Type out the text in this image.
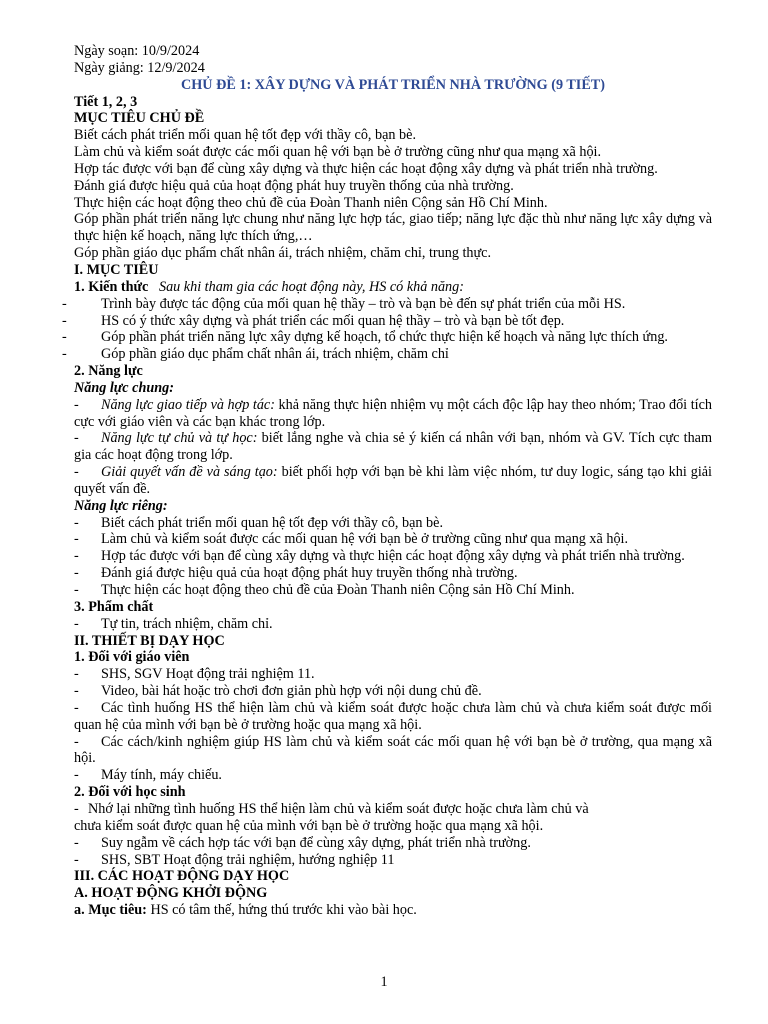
Ngày soạn: 10/9/2024
Ngày giảng: 12/9/2024
CHỦ ĐỀ 1: XÂY DỰNG VÀ PHÁT TRIỂN NHÀ TRƯỜNG (9 TIẾT)
Tiết 1, 2, 3
MỤC TIÊU CHỦ ĐỀ
Biết cách phát triển mối quan hệ tốt đẹp với thầy cô, bạn bè.
Làm chủ và kiểm soát được các mối quan hệ với bạn bè ở trường cũng như qua mạng xã hội.
Hợp tác được với bạn để cùng xây dựng và thực hiện các hoạt động xây dựng và phát triển nhà trường.
Đánh giá được hiệu quả của hoạt động phát huy truyền thống của nhà trường.
Thực hiện các hoạt động theo chủ đề của Đoàn Thanh niên Cộng sản Hồ Chí Minh.
Góp phần phát triển năng lực chung như năng lực hợp tác, giao tiếp; năng lực đặc thù như năng lực xây dựng và thực hiện kế hoạch, năng lực thích ứng,…
Góp phần giáo dục phẩm chất nhân ái, trách nhiệm, chăm chỉ, trung thực.
I. MỤC TIÊU
1. Kiến thức Sau khi tham gia các hoạt động này, HS có khả năng:
- Trình bày được tác động của mối quan hệ thầy – trò và bạn bè đến sự phát triển của mỗi HS.
- HS có ý thức xây dựng và phát triển các mối quan hệ thầy – trò và bạn bè tốt đẹp.
- Góp phần phát triển năng lực xây dựng kế hoạch, tổ chức thực hiện kế hoạch và năng lực thích ứng.
- Góp phần giáo dục phẩm chất nhân ái, trách nhiệm, chăm chỉ
2. Năng lực
Năng lực chung:
- Năng lực giao tiếp và hợp tác: khả năng thực hiện nhiệm vụ một cách độc lập hay theo nhóm; Trao đổi tích cực với giáo viên và các bạn khác trong lớp.
- Năng lực tự chủ và tự học: biết lắng nghe và chia sẻ ý kiến cá nhân với bạn, nhóm và GV. Tích cực tham gia các hoạt động trong lớp.
- Giải quyết vấn đề và sáng tạo: biết phối hợp với bạn bè khi làm việc nhóm, tư duy logic, sáng tạo khi giải quyết vấn đề.
Năng lực riêng:
- Biết cách phát triển mối quan hệ tốt đẹp với thầy cô, bạn bè.
- Làm chủ và kiểm soát được các mối quan hệ với bạn bè ở trường cũng như qua mạng xã hội.
- Hợp tác được với bạn để cùng xây dựng và thực hiện các hoạt động xây dựng và phát triển nhà trường.
- Đánh giá được hiệu quả của hoạt động phát huy truyền thống nhà trường.
- Thực hiện các hoạt động theo chủ đề của Đoàn Thanh niên Cộng sản Hồ Chí Minh.
3. Phẩm chất
- Tự tin, trách nhiệm, chăm chỉ.
II. THIẾT BỊ DẠY HỌC
1. Đối với giáo viên
- SHS, SGV Hoạt động trải nghiệm 11.
- Video, bài hát hoặc trò chơi đơn giản phù hợp với nội dung chủ đề.
- Các tình huống HS thể hiện làm chủ và kiểm soát được hoặc chưa làm chủ và chưa kiểm soát được mối quan hệ của mình với bạn bè ở trường hoặc qua mạng xã hội.
- Các cách/kinh nghiệm giúp HS làm chủ và kiểm soát các mối quan hệ với bạn bè ở trường, qua mạng xã hội.
- Máy tính, máy chiếu.
2. Đối với học sinh
- Nhớ lại những tình huống HS thể hiện làm chủ và kiểm soát được hoặc chưa làm chủ và
chưa kiểm soát được quan hệ của mình với bạn bè ở trường hoặc qua mạng xã hội.
- Suy ngẫm về cách hợp tác với bạn để cùng xây dựng, phát triển nhà trường.
- SHS, SBT Hoạt động trải nghiệm, hướng nghiệp 11
III. CÁC HOẠT ĐỘNG DẠY HỌC
A. HOẠT ĐỘNG KHỞI ĐỘNG
a. Mục tiêu: HS có tâm thế, hứng thú trước khi vào bài học.
1
